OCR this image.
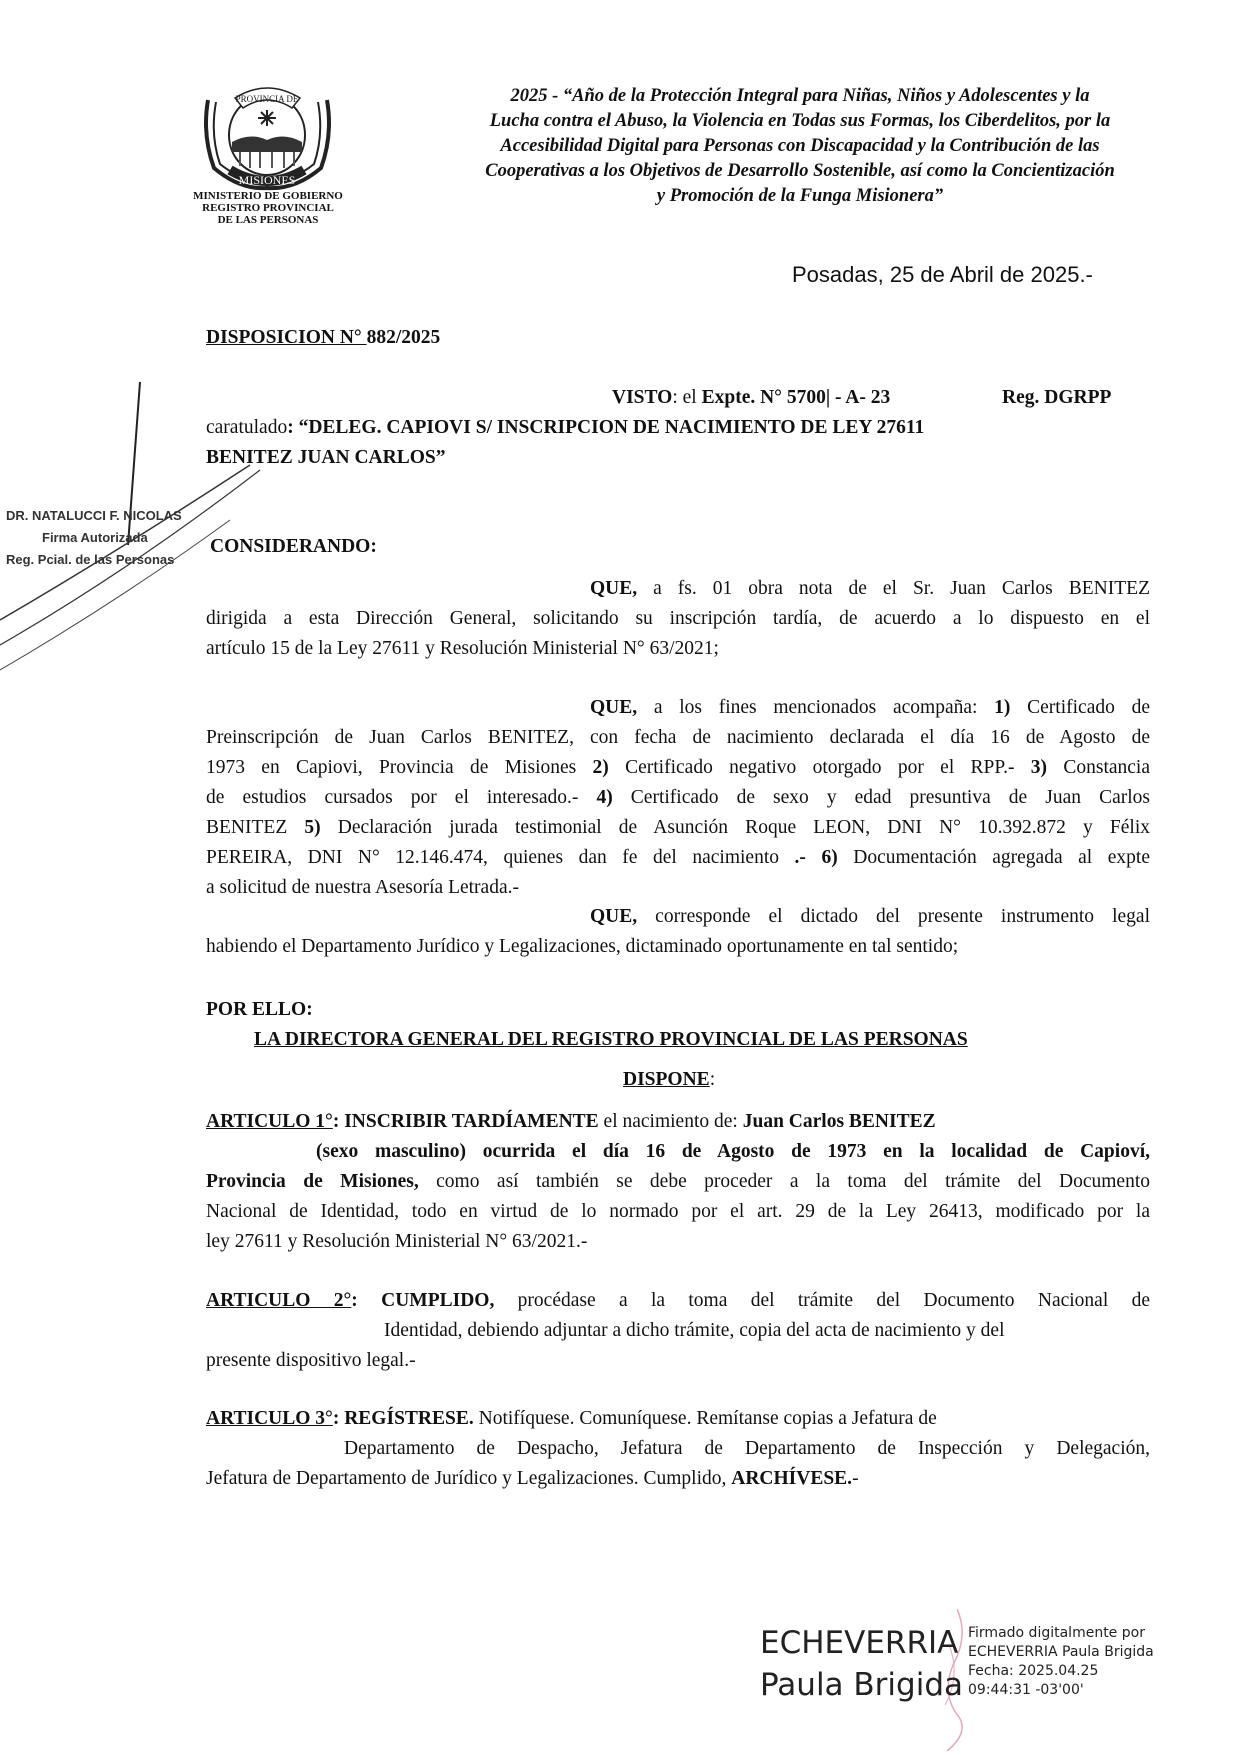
PROVINCIA DE
MISIONES
MINISTERIO DE GOBIERNO
REGISTRO PROVINCIAL
DE LAS PERSONAS
2025 - “Año de la Protección Integral para Niñas, Niños y Adolescentes y la
Lucha contra el Abuso, la Violencia en Todas sus Formas, los Ciberdelitos, por la
Accesibilidad Digital para Personas con Discapacidad y la Contribución de las
Cooperativas a los Objetivos de Desarrollo Sostenible, así como la Concientización
y Promoción de la Funga Misionera”
Posadas, 25 de Abril de 2025.-
DISPOSICION N° 882/2025
VISTO: el Expte. N° 5700| - A- 23	Reg. DGRPP
caratulado: “DELEG. CAPIOVI S/ INSCRIPCION DE NACIMIENTO DE LEY 27611
BENITEZ JUAN CARLOS”
DR. NATALUCCI F. NICOLAS
Firma Autorizada
Reg. Pcial. de las Personas
CONSIDERANDO:
QUE, a fs. 01 obra nota de el Sr. Juan Carlos BENITEZ
dirigida a esta Dirección General, solicitando su inscripción tardía, de acuerdo a lo dispuesto en el
artículo 15 de la Ley 27611 y Resolución Ministerial N° 63/2021;
QUE, a los fines mencionados acompaña: 1) Certificado de
Preinscripción de Juan Carlos BENITEZ, con fecha de nacimiento declarada el día 16 de Agosto de
1973 en Capiovi, Provincia de Misiones 2) Certificado negativo otorgado por el RPP.- 3) Constancia
de estudios cursados por el interesado.- 4) Certificado de sexo y edad presuntiva de Juan Carlos
BENITEZ 5) Declaración jurada testimonial de Asunción Roque LEON, DNI N° 10.392.872 y Félix
PEREIRA, DNI N° 12.146.474, quienes dan fe del nacimiento .- 6) Documentación agregada al expte
a solicitud de nuestra Asesoría Letrada.-
QUE, corresponde el dictado del presente instrumento legal
habiendo el Departamento Jurídico y Legalizaciones, dictaminado oportunamente en tal sentido;
POR ELLO:
LA DIRECTORA GENERAL DEL REGISTRO PROVINCIAL DE LAS PERSONAS
DISPONE:
ARTICULO 1°: INSCRIBIR TARDÍAMENTE el nacimiento de: Juan Carlos BENITEZ
(sexo masculino) ocurrida el día 16 de Agosto de 1973 en la localidad de Capioví,
Provincia de Misiones, como así también se debe proceder a la toma del trámite del Documento
Nacional de Identidad, todo en virtud de lo normado por el art. 29 de la Ley 26413, modificado por la
ley 27611 y Resolución Ministerial N° 63/2021.-
ARTICULO 2°: CUMPLIDO, procédase a la toma del trámite del Documento Nacional de
Identidad, debiendo adjuntar a dicho trámite, copia del acta de nacimiento y del
presente dispositivo legal.-
ARTICULO 3°: REGÍSTRESE. Notifíquese. Comuníquese. Remítanse copias a Jefatura de
Departamento de Despacho, Jefatura de Departamento de Inspección y Delegación,
Jefatura de Departamento de Jurídico y Legalizaciones. Cumplido, ARCHÍVESE.-
ECHEVERRIA
Paula Brigida
Firmado digitalmente por
ECHEVERRIA Paula Brigida
Fecha: 2025.04.25
09:44:31 -03'00'
